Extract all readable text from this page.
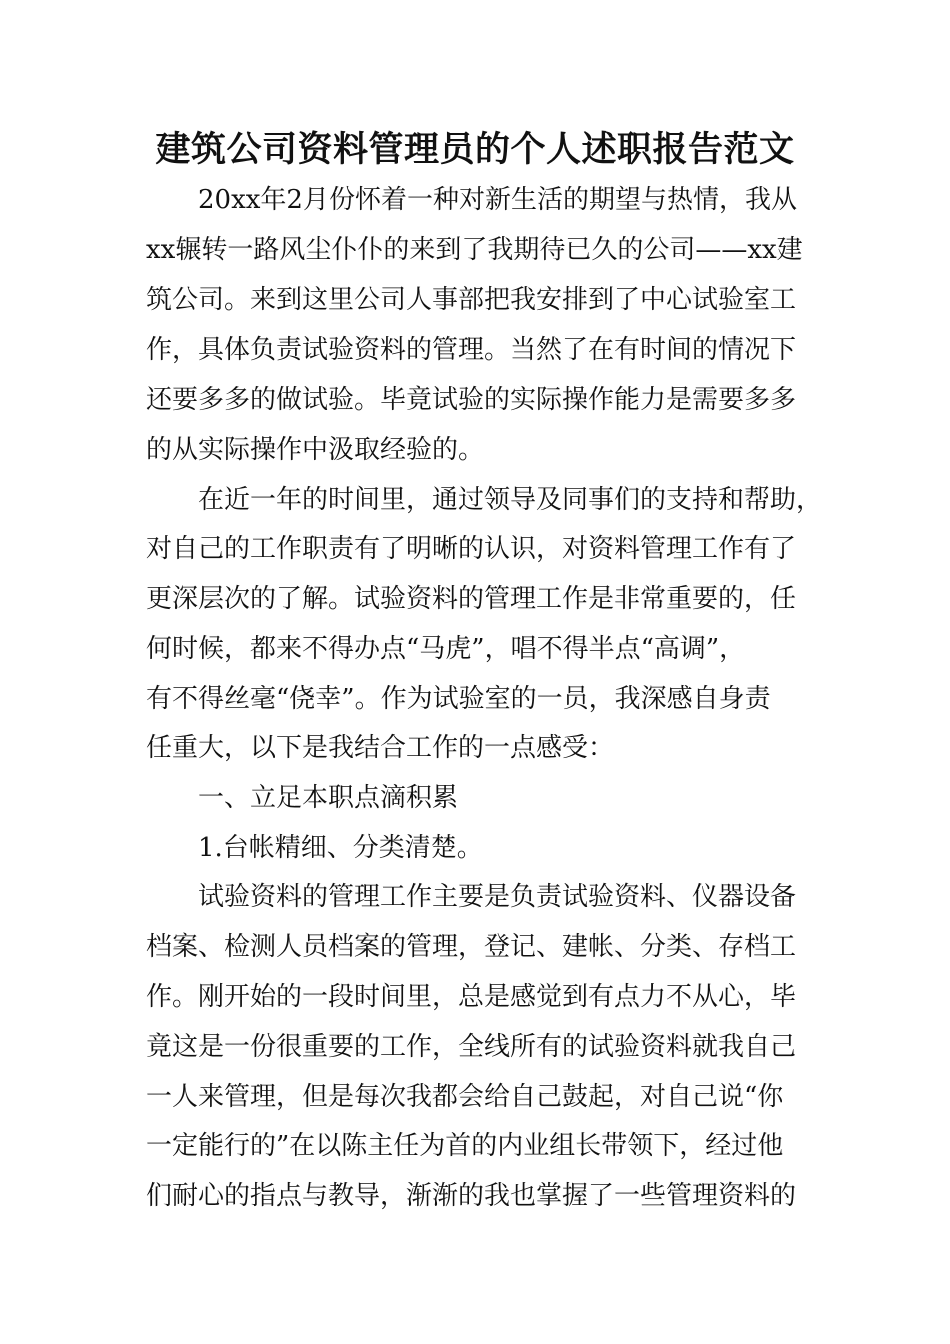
建筑公司资料管理员的个人述职报告范文

20xx年2月份怀着一种对新生活的期望与热情，我从

xx辗转一路风尘仆仆的来到了我期待已久的公司——xx建

筑公司。来到这里公司人事部把我安排到了中心试验室工

作，具体负责试验资料的管理。当然了在有时间的情况下

还要多多的做试验。毕竟试验的实际操作能力是需要多多

的从实际操作中汲取经验的。

在近一年的时间里，通过领导及同事们的支持和帮助，

对自己的工作职责有了明晰的认识，对资料管理工作有了

更深层次的了解。试验资料的管理工作是非常重要的，任

何时候，都来不得办点“马虎”，唱不得半点“高调”，

有不得丝毫“侥幸”。作为试验室的一员，我深感自身责

任重大，以下是我结合工作的一点感受：

一、立足本职点滴积累

1.台帐精细、分类清楚。

试验资料的管理工作主要是负责试验资料、仪器设备

档案、检测人员档案的管理，登记、建帐、分类、存档工

作。刚开始的一段时间里，总是感觉到有点力不从心，毕

竟这是一份很重要的工作，全线所有的试验资料就我自己

一人来管理，但是每次我都会给自己鼓起，对自己说“你

一定能行的”在以陈主任为首的内业组长带领下，经过他

们耐心的指点与教导，渐渐的我也掌握了一些管理资料的
